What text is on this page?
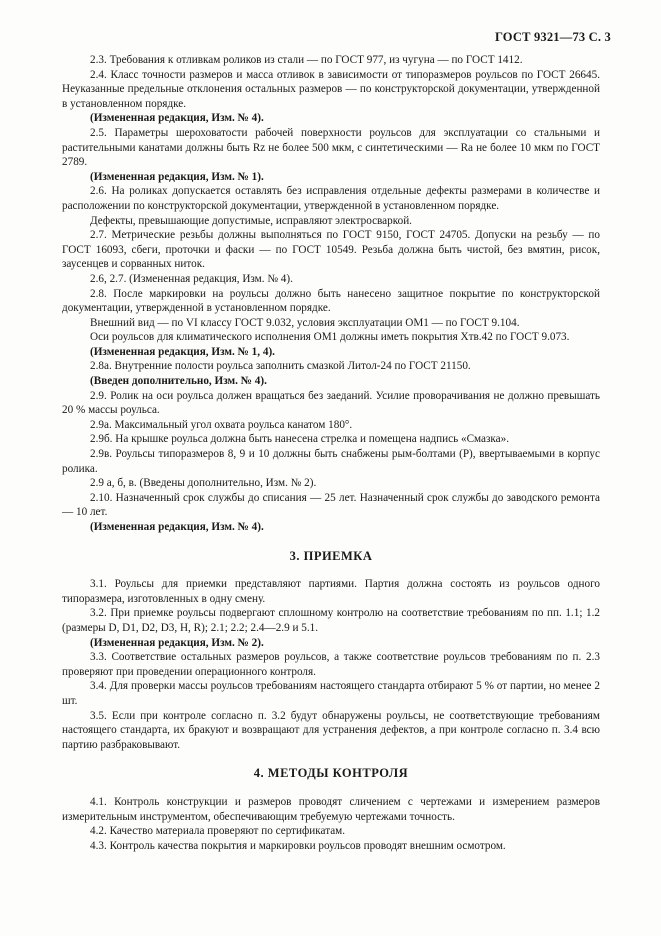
ГОСТ 9321—73 С. 3

2.3. Требования к отливкам роликов из стали — по ГОСТ 977, из чугуна — по ГОСТ 1412.

2.4. Класс точности размеров и масса отливок в зависимости от типоразмеров роульсов по ГОСТ 26645. Неуказанные предельные отклонения остальных размеров — по конструкторской документации, утвержденной в установленном порядке.

(Измененная редакция, Изм. № 4).

2.5. Параметры шероховатости рабочей поверхности роульсов для эксплуатации со стальными и растительными канатами должны быть Rz не более 500 мкм, с синтетическими — Ra не более 10 мкм по ГОСТ 2789.

(Измененная редакция, Изм. № 1).

2.6. На роликах допускается оставлять без исправления отдельные дефекты размерами в количестве и расположении по конструкторской документации, утвержденной в установленном порядке.

Дефекты, превышающие допустимые, исправляют электросваркой.

2.7. Метрические резьбы должны выполняться по ГОСТ 9150, ГОСТ 24705. Допуски на резьбу — по ГОСТ 16093, сбеги, проточки и фаски — по ГОСТ 10549. Резьба должна быть чистой, без вмятин, рисок, заусенцев и сорванных ниток.

2.6, 2.7. (Измененная редакция, Изм. № 4).

2.8. После маркировки на роульсы должно быть нанесено защитное покрытие по конструкторской документации, утвержденной в установленном порядке.

Внешний вид — по VI классу ГОСТ 9.032, условия эксплуатации ОМ1 — по ГОСТ 9.104.

Оси роульсов для климатического исполнения ОМ1 должны иметь покрытия Хтв.42 по ГОСТ 9.073.

(Измененная редакция, Изм. № 1, 4).

2.8а. Внутренние полости роульса заполнить смазкой Литол-24 по ГОСТ 21150.

(Введен дополнительно, Изм. № 4).

2.9. Ролик на оси роульса должен вращаться без заеданий. Усилие проворачивания не должно превышать 20 % массы роульса.

2.9а. Максимальный угол охвата роульса канатом 180°.

2.9б. На крышке роульса должна быть нанесена стрелка и помещена надпись «Смазка».

2.9в. Роульсы типоразмеров 8, 9 и 10 должны быть снабжены рым-болтами (Р), ввертываемыми в корпус ролика.

2.9 а, б, в. (Введены дополнительно, Изм. № 2).

2.10. Назначенный срок службы до списания — 25 лет. Назначенный срок службы до заводского ремонта — 10 лет.

(Измененная редакция, Изм. № 4).

3. ПРИЕМКА

3.1. Роульсы для приемки представляют партиями. Партия должна состоять из роульсов одного типоразмера, изготовленных в одну смену.

3.2. При приемке роульсы подвергают сплошному контролю на соответствие требованиям по пп. 1.1; 1.2 (размеры D, D1, D2, D3, H, R); 2.1; 2.2; 2.4—2.9 и 5.1.

(Измененная редакция, Изм. № 2).

3.3. Соответствие остальных размеров роульсов, а также соответствие роульсов требованиям по п. 2.3 проверяют при проведении операционного контроля.

3.4. Для проверки массы роульсов требованиям настоящего стандарта отбирают 5 % от партии, но менее 2 шт.

3.5. Если при контроле согласно п. 3.2 будут обнаружены роульсы, не соответствующие требованиям настоящего стандарта, их бракуют и возвращают для устранения дефектов, а при контроле согласно п. 3.4 всю партию разбраковывают.

4. МЕТОДЫ КОНТРОЛЯ

4.1. Контроль конструкции и размеров проводят сличением с чертежами и измерением размеров измерительным инструментом, обеспечивающим требуемую чертежами точность.

4.2. Качество материала проверяют по сертификатам.

4.3. Контроль качества покрытия и маркировки роульсов проводят внешним осмотром.
